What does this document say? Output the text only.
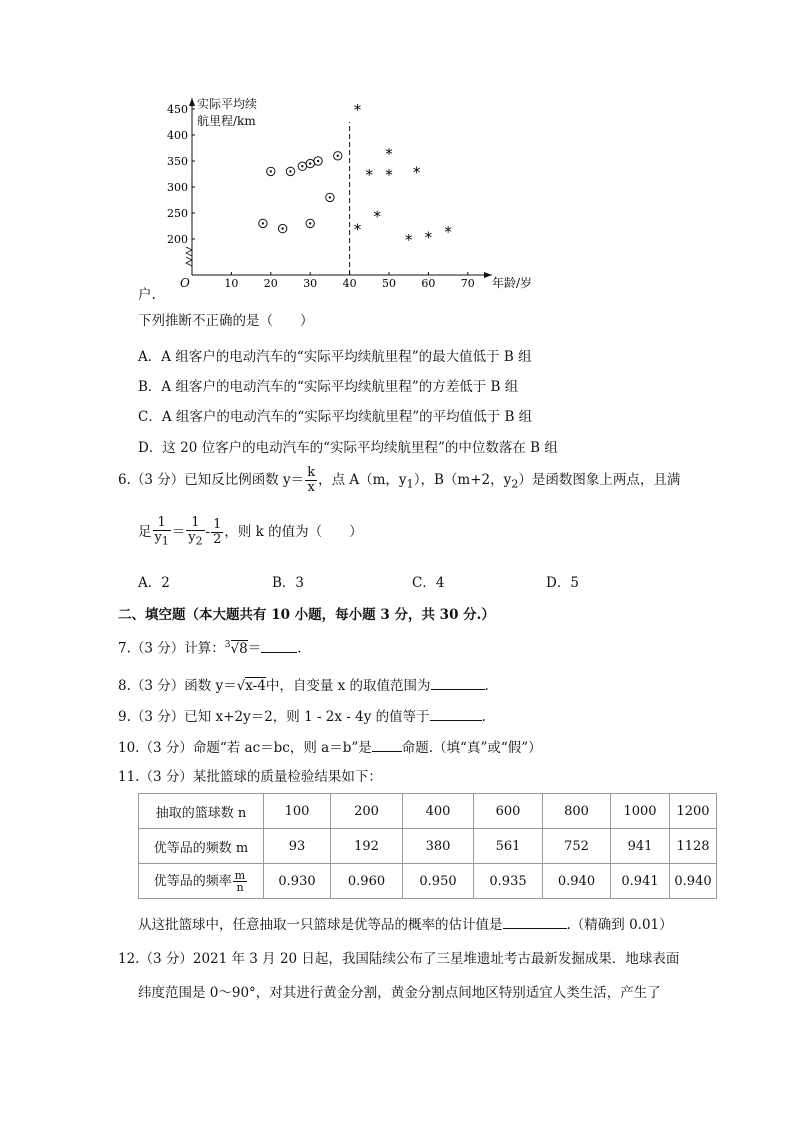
O	10 20 30 40 50 60 70
200
250
300
350
400
450
年龄/岁
*
*
*
*
*
*
*
*
* *
实际平均续
航里程/km
户.
下列推断不正确的是（　　）
A．A 组客户的电动汽车的“实际平均续航里程”的最大值低于 B 组
B．A 组客户的电动汽车的“实际平均续航里程”的方差低于 B 组
C．A 组客户的电动汽车的“实际平均续航里程”的平均值低于 B 组
D．这 20 位客户的电动汽车的“实际平均续航里程”的中位数落在 B 组
6.（3 分）已知反比例函数 $y= \frac{k}{x}$ ，点 A（m，$y_1$），B（m+2，$y_2$）是函数图象上两点，且满
足 $\frac{1}{y_1} = \frac{1}{y_2} - \frac{1}{2}$ ，则 k 的值为（　　）
A．2	B．3	C．4	D．5
二、填空题（本大题共有 10 小题，每小题 3 分，共 30 分.）
7.（3 分）计算：$^3$√8＝	.
8.（3 分）函数 y＝√x-4中，自变量 x 的取值范围为	.
9.（3 分）已知 x+2y＝2，则 1 - 2x - 4y 的值等于	.
10.（3 分）命题“若 ac＝bc，则 a＝b”是 命题.（填“真”或“假”）
11.（3 分）某批篮球的质量检验结果如下：
抽取的篮球数 n	100	200	400	600	800	1000	1200
优等品的频数 m	93	192	380	561	752	941	1128
优等品的频率 $\frac{m}{n}$	0.930	0.960	0.950	0.935	0.940	0.941	0.940
从这批篮球中，任意抽取一只篮球是优等品的概率的估计值是	.（精确到 0.01）
12.（3 分）2021 年 3 月 20 日起，我国陆续公布了三星堆遗址考古最新发掘成果．地球表面
纬度范围是 0～90°，对其进行黄金分割，黄金分割点间地区特别适宜人类生活，产生了
